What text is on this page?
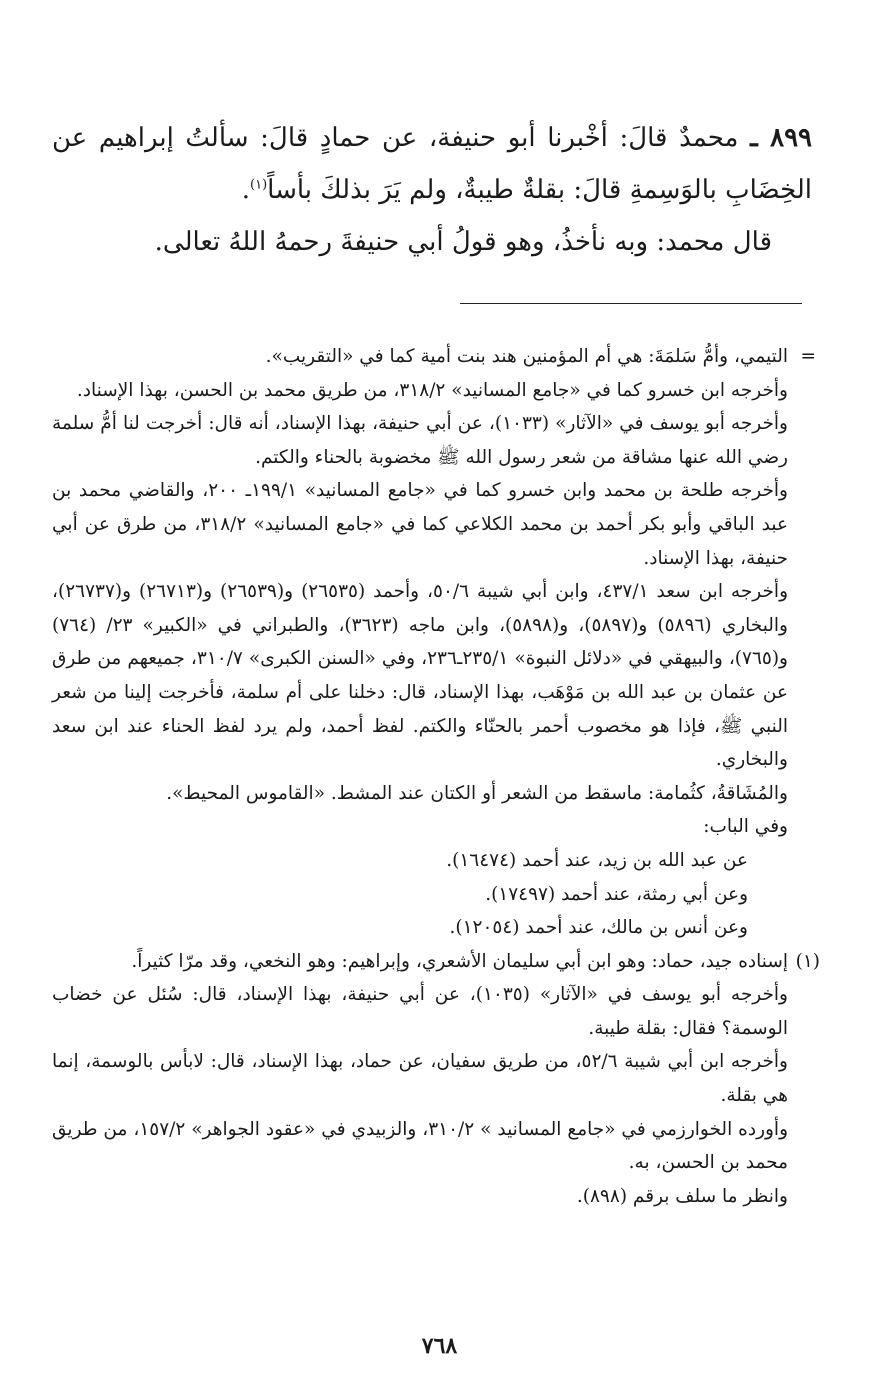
٨٩٩ ـ محمدٌ قالَ: أخْبرنا أبو حنيفة، عن حمادٍ قالَ: سألتُ إبراهيم عن الخِضَابِ بالوَسِمةِ قالَ: بقلةٌ طيبةٌ، ولم يَرَ بذلكَ بأساً$^{(١)}$.

قال محمد: وبه نأخذُ، وهو قولُ أبي حنيفةَ رحمهُ اللهُ تعالى.

=

التيمي، وأمُّ سَلمَةَ: هي أم المؤمنين هند بنت أمية كما في «التقريب».

وأخرجه ابن خسرو كما في «جامع المسانيد» ٣١٨/٢، من طريق محمد بن الحسن، بهذا الإسناد.

وأخرجه أبو يوسف في «الآثار» (١٠٣٣)، عن أبي حنيفة، بهذا الإسناد، أنه قال: أخرجت لنا أمُّ سلمة رضي الله عنها مشاقة من شعر رسول الله ﷺ مخضوبة بالحناء والكتم.

وأخرجه طلحة بن محمد وابن خسرو كما في «جامع المسانيد» ١٩٩/١ـ ٢٠٠، والقاضي محمد بن عبد الباقي وأبو بكر أحمد بن محمد الكلاعي كما في «جامع المسانيد» ٣١٨/٢، من طرق عن أبي حنيفة، بهذا الإسناد.

وأخرجه ابن سعد ٤٣٧/١، وابن أبي شيبة ٥٠/٦، وأحمد (٢٦٥٣٥) و(٢٦٥٣٩) و(٢٦٧١٣) و(٢٦٧٣٧)، والبخاري (٥٨٩٦) و(٥٨٩٧)، و(٥٨٩٨)، وابن ماجه (٣٦٢٣)، والطبراني في «الكبير» ٢٣/ (٧٦٤) و(٧٦٥)، والبيهقي في «دلائل النبوة» ٢٣٥/١ـ٢٣٦، وفي «السنن الكبرى» ٣١٠/٧، جميعهم من طرق عن عثمان بن عبد الله بن مَوْهَب، بهذا الإسناد، قال: دخلنا على أم سلمة، فأخرجت إلينا من شعر النبي ﷺ، فإذا هو مخصوب أحمر بالحنّاء والكتم. لفظ أحمد، ولم يرد لفظ الحناء عند ابن سعد والبخاري.

والمُشَاقةُ، كثُمامة: ماسقط من الشعر أو الكتان عند المشط. «القاموس المحيط».

وفي الباب:

عن عبد الله بن زيد، عند أحمد (١٦٤٧٤).

وعن أبي رمثة، عند أحمد (١٧٤٩٧).

وعن أنس بن مالك، عند أحمد (١٢٠٥٤).

(١)

إسناده جيد، حماد: وهو ابن أبي سليمان الأشعري، وإبراهيم: وهو النخعي، وقد مرّا كثيراً.

وأخرجه أبو يوسف في «الآثار» (١٠٣٥)، عن أبي حنيفة، بهذا الإسناد، قال: سُئل عن خضاب الوسمة؟ فقال: بقلة طيبة.

وأخرجه ابن أبي شيبة ٥٢/٦، من طريق سفيان، عن حماد، بهذا الإسناد، قال: لابأس بالوسمة، إنما هي بقلة.

وأورده الخوارزمي في «جامع المسانيد » ٣١٠/٢، والزبيدي في «عقود الجواهر» ١٥٧/٢، من طريق محمد بن الحسن، به.

وانظر ما سلف برقم (٨٩٨).

٧٦٨
